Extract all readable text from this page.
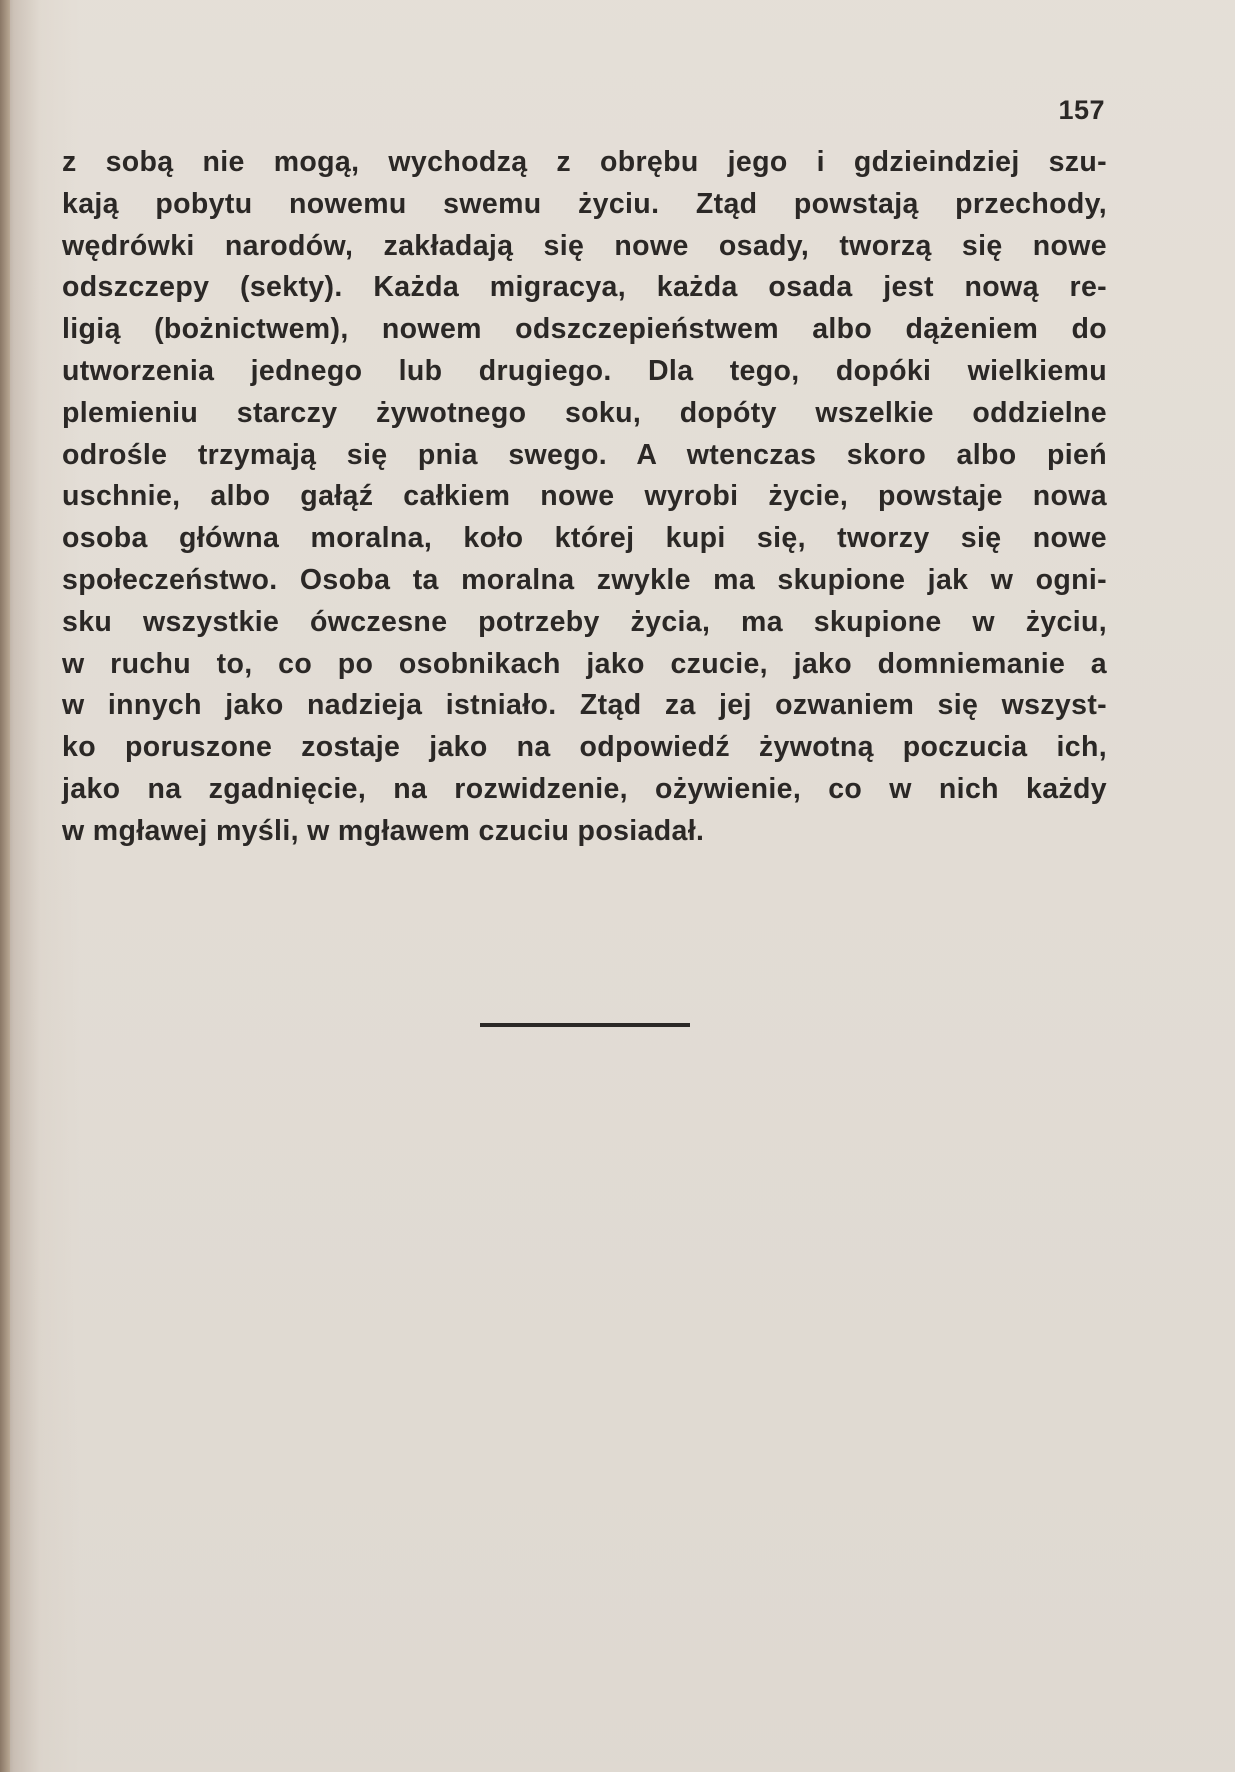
157
z sobą nie mogą, wychodzą z obrębu jego i gdzieindziej szu-
kają pobytu nowemu swemu życiu. Ztąd powstają przechody,
wędrówki narodów, zakładają się nowe osady, tworzą się nowe
odszczepy (sekty). Każda migracya, każda osada jest nową re-
ligią (bożnictwem), nowem odszczepieństwem albo dążeniem do
utworzenia jednego lub drugiego. Dla tego, dopóki wielkiemu
plemieniu starczy żywotnego soku, dopóty wszelkie oddzielne
odrośle trzymają się pnia swego. A wtenczas skoro albo pień
uschnie, albo gałąź całkiem nowe wyrobi życie, powstaje nowa
osoba główna moralna, koło której kupi się, tworzy się nowe
społeczeństwo. Osoba ta moralna zwykle ma skupione jak w ogni-
sku wszystkie ówczesne potrzeby życia, ma skupione w życiu,
w ruchu to, co po osobnikach jako czucie, jako domniemanie a
w innych jako nadzieja istniało. Ztąd za jej ozwaniem się wszyst-
ko poruszone zostaje jako na odpowiedź żywotną poczucia ich,
jako na zgadnięcie, na rozwidzenie, ożywienie, co w nich każdy
w mgławej myśli, w mgławem czuciu posiadał.
